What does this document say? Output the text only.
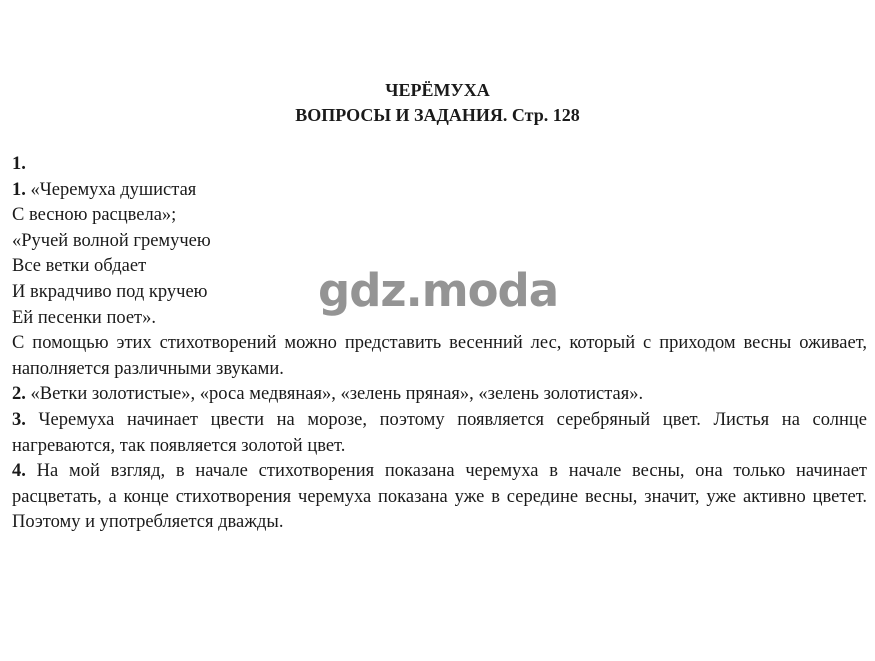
ЧЕРЁМУХА
ВОПРОСЫ И ЗАДАНИЯ. Стр. 128
1.
1. «Черемуха душистая
С весною расцвела»;
«Ручей волной гремучею
Все ветки обдает
И вкрадчиво под кручею
Ей песенки поет».
С помощью этих стихотворений можно представить весенний лес, который с приходом весны оживает, наполняется различными звуками.
2. «Ветки золотистые», «роса медвяная», «зелень пряная», «зелень золотистая».
3. Черемуха начинает цвести на морозе, поэтому появляется серебряный цвет. Листья на солнце нагреваются, так появляется золотой цвет.
4. На мой взгляд, в начале стихотворения показана черемуха в начале весны, она только начинает расцветать, а конце стихотворения черемуха показана уже в середине весны, значит, уже активно цветет. Поэтому и употребляется дважды.
gdz.moda
